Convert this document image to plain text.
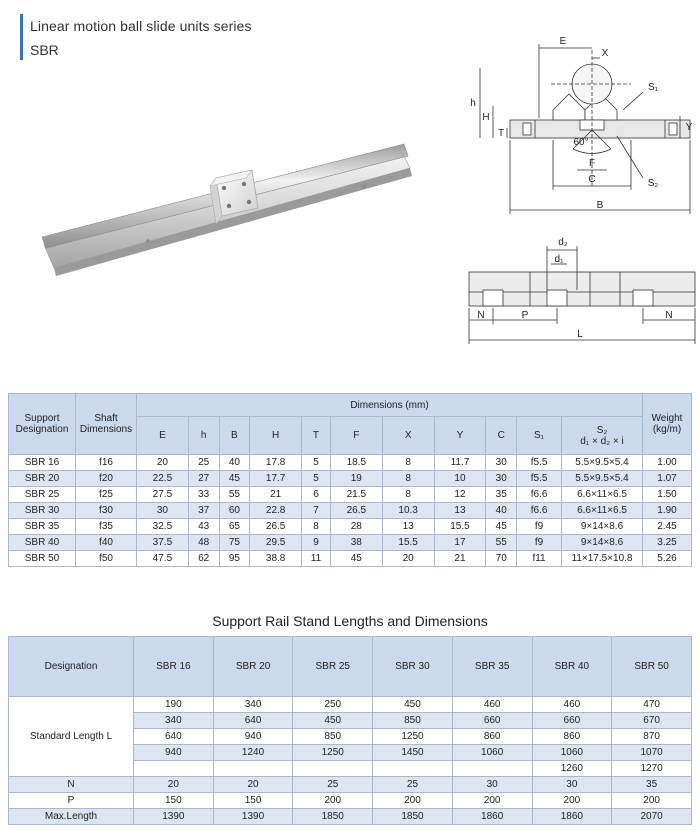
Linear motion ball slide units series
SBR
E
X
h
H
T
Y
F
C
B
S₁
S₂
60°
d₂
d₁
N	P	N
L
Support Designation	Shaft Dimensions	Dimensions (mm)											Weight (kg/m)
		E	h	B	H	T	F	X	Y	C	S₁	S₂
d₁ × d₂ × i	

SBR 16	f16	20	25	40	17.8	5	18.5	8	11.7	30	f5.5	5.5×9.5×5.4	1.00
SBR 20	f20	22.5	27	45	17.7	5	19	8	10	30	f5.5	5.5×9.5×5.4	1.07
SBR 25	f25	27.5	33	55	21	6	21.5	8	12	35	f6.6	6.6×11×6.5	1.50
SBR 30	f30	30	37	60	22.8	7	26.5	10.3	13	40	f6.6	6.6×11×6.5	1.90
SBR 35	f35	32.5	43	65	26.5	8	28	13	15.5	45	f9	9×14×8.6	2.45
SBR 40	f40	37.5	48	75	29.5	9	38	15.5	17	55	f9	9×14×8.6	3.25
SBR 50	f50	47.5	62	95	38.8	11	45	20	21	70	f11	11×17.5×10.8	5.26
Support Rail Stand Lengths and Dimensions
Designation	SBR 16	SBR 20	SBR 25	SBR 30	SBR 35	SBR 40	SBR 50
Standard Length L	190	340	250	450	460	460	470
	340	640	450	850	660	660	670
	640	940	850	1250	860	860	870
	940	1240	1250	1450	1060	1060	1070
						1260	1270
N	20	20	25	25	30	30	35
P	150	150	200	200	200	200	200
Max.Length	1390	1390	1850	1850	1860	1860	2070
